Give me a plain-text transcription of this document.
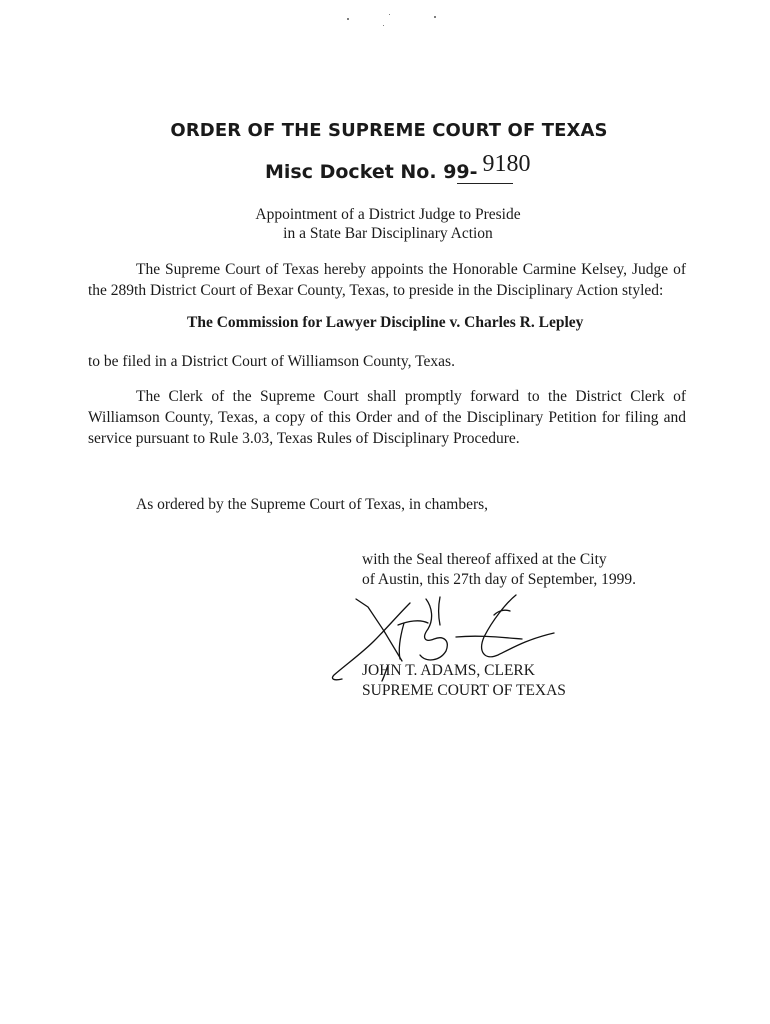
ORDER OF THE SUPREME COURT OF TEXAS
Misc Docket No. 99- 9180
Appointment of a District Judge to Preside
in a State Bar Disciplinary Action
The Supreme Court of Texas hereby appoints the Honorable Carmine Kelsey, Judge of the 289th District Court of Bexar County, Texas, to preside in the Disciplinary Action styled:
The Commission for Lawyer Discipline v. Charles R. Lepley
to be filed in a District Court of Williamson County, Texas.
The Clerk of the Supreme Court shall promptly forward to the District Clerk of Williamson County, Texas, a copy of this Order and of the Disciplinary Petition for filing and service pursuant to Rule 3.03, Texas Rules of Disciplinary Procedure.
As ordered by the Supreme Court of Texas, in chambers,
with the Seal thereof affixed at the City
of Austin, this 27th day of September, 1999.
JOHN T. ADAMS, CLERK
SUPREME COURT OF TEXAS
